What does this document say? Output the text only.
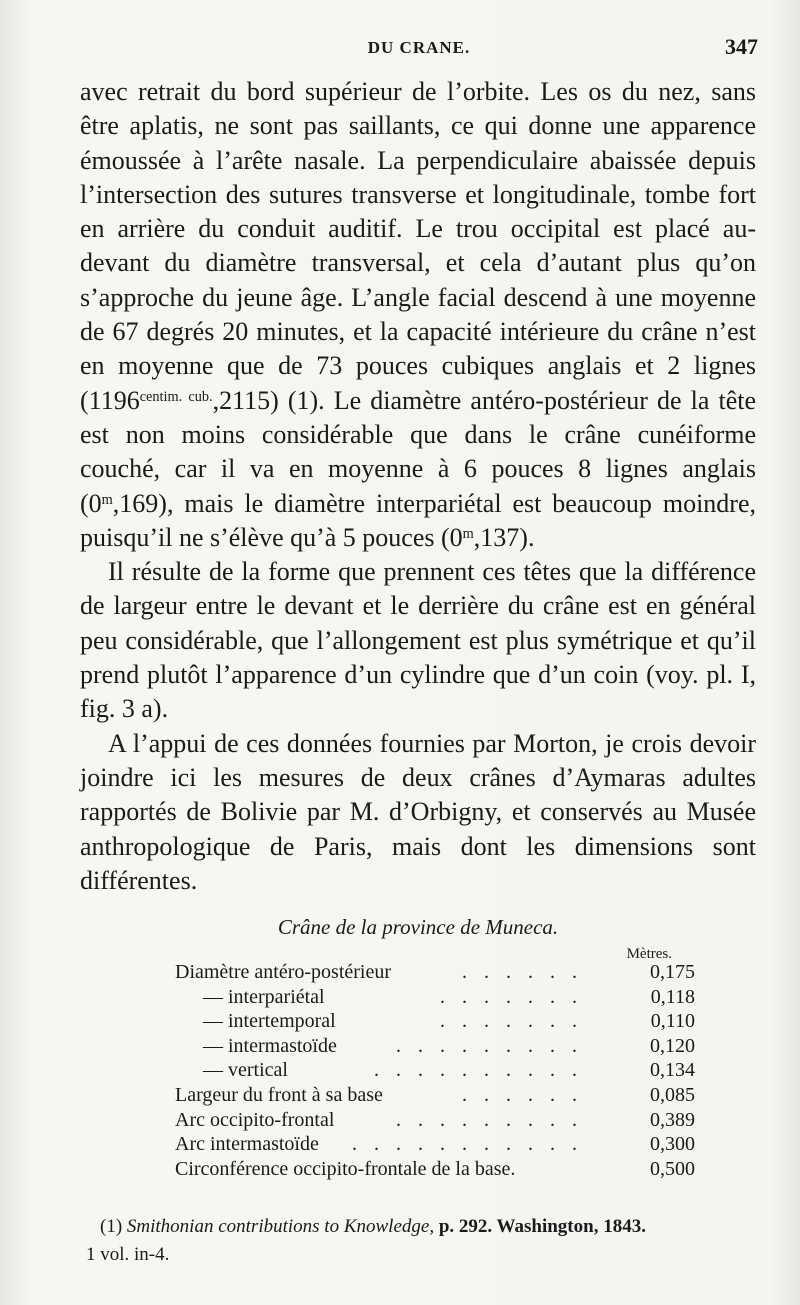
DU CRANE.	347

avec retrait du bord supérieur de l’orbite. Les os du nez, sans être aplatis, ne sont pas saillants, ce qui donne une apparence émoussée à l’arête nasale. La perpendiculaire abaissée depuis l’intersection des sutures transverse et longitudinale, tombe fort en arrière du conduit auditif. Le trou occipital est placé au-devant du diamètre transversal, et cela d’autant plus qu’on s’approche du jeune âge. L’angle facial descend à une moyenne de 67 degrés 20 minutes, et la capacité intérieure du crâne n’est en moyenne que de 73 pouces cubiques anglais et 2 lignes $(1196^{centim. cub.},2115)$ (1). Le diamètre antéro-postérieur de la tête est non moins considérable que dans le crâne cunéiforme couché, car il va en moyenne à 6 pouces 8 lignes anglais (0$^m$,169), mais le diamètre interpariétal est beaucoup moindre, puisqu’il ne s’élève qu’à 5 pouces (0$^m$,137).

Il résulte de la forme que prennent ces têtes que la différence de largeur entre le devant et le derrière du crâne est en général peu considérable, que l’allongement est plus symétrique et qu’il prend plutôt l’apparence d’un cylindre que d’un coin (voy. pl. I, fig. 3 a).

A l’appui de ces données fournies par Morton, je crois devoir joindre ici les mesures de deux crânes d’Aymaras adultes rapportés de Bolivie par M. d’Orbigny, et conservés au Musée anthropologique de Paris, mais dont les dimensions sont différentes.

Crâne de la province de Muneca.
Mètres.
Diamètre antéro-postérieur	. . . . . .	0,175
— interpariétal	. . . . . . .	0,118
— intertemporal	. . . . . . .	0,110
— intermastoïde	. . . . . . . . .	0,120
— vertical	. . . . . . . . . .	0,134
Largeur du front à sa base	. . . . . .	0,085
Arc occipito-frontal	. . . . . . . . .	0,389
Arc intermastoïde . . . . . . . . . . .	0,300
Circonférence occipito-frontale de la base.	0,500
(1) Smithonian contributions to Knowledge, p. 292. Washington, 1843.
1 vol. in-4.
